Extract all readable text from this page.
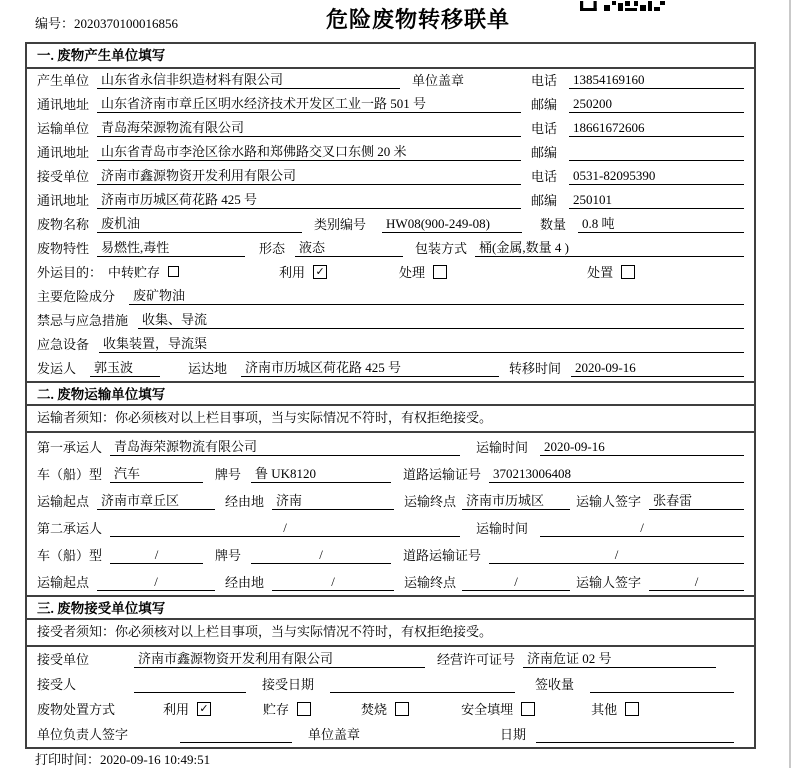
编号：2020370100016856	危险废物转移联单
一. 废物产生单位填写
产生单位 山东省永信非织造材料有限公司	单位盖章	电话	13854169160
通讯地址 山东省济南市章丘区明水经济技术开发区工业一路 501 号	邮编	250200
运输单位 青岛海荣源物流有限公司	电话	18661672606
通讯地址 山东省青岛市李沧区徐水路和郑佛路交叉口东侧 20 米	邮编
接受单位 济南市鑫源物资开发利用有限公司	电话	0531-82095390
通讯地址 济南市历城区荷花路 425 号	邮编	250101
废物名称 废机油	类别编号	HW08(900-249-08)	数量	0.8 吨
废物特性 易燃性,毒性	形态	液态	包装方式 桶(金属,数量 4 )
外运目的： 中转贮存	利用 ✓	处理	处置
主要危险成分	废矿物油
禁忌与应急措施	收集、导流
应急设备	收集装置，导流渠
发运人	郭玉波	运达地	济南市历城区荷花路 425 号	转移时间	2020-09-16
二. 废物运输单位填写
运输者须知：你必须核对以上栏目事项，当与实际情况不符时，有权拒绝接受。
第一承运人 青岛海荣源物流有限公司	运输时间	2020-09-16
车（船）型 汽车	牌号	鲁 UK8120	道路运输证号 370213006408
运输起点 济南市章丘区	经由地 济南	运输终点 济南市历城区	运输人签字 张春雷
第二承运人	/	运输时间	/
车（船）型	/	牌号	/	道路运输证号	/
运输起点	/	经由地	/	运输终点	/	运输人签字	/
三. 废物接受单位填写
接受者须知：你必须核对以上栏目事项，当与实际情况不符时，有权拒绝接受。
接受单位	济南市鑫源物资开发利用有限公司	经营许可证号 济南危证 02 号
接受人	接受日期	签收量
废物处置方式	利用 ✓	贮存	焚烧	安全填埋	其他
单位负责人签字	单位盖章	日期
打印时间：2020-09-16 10:49:51
